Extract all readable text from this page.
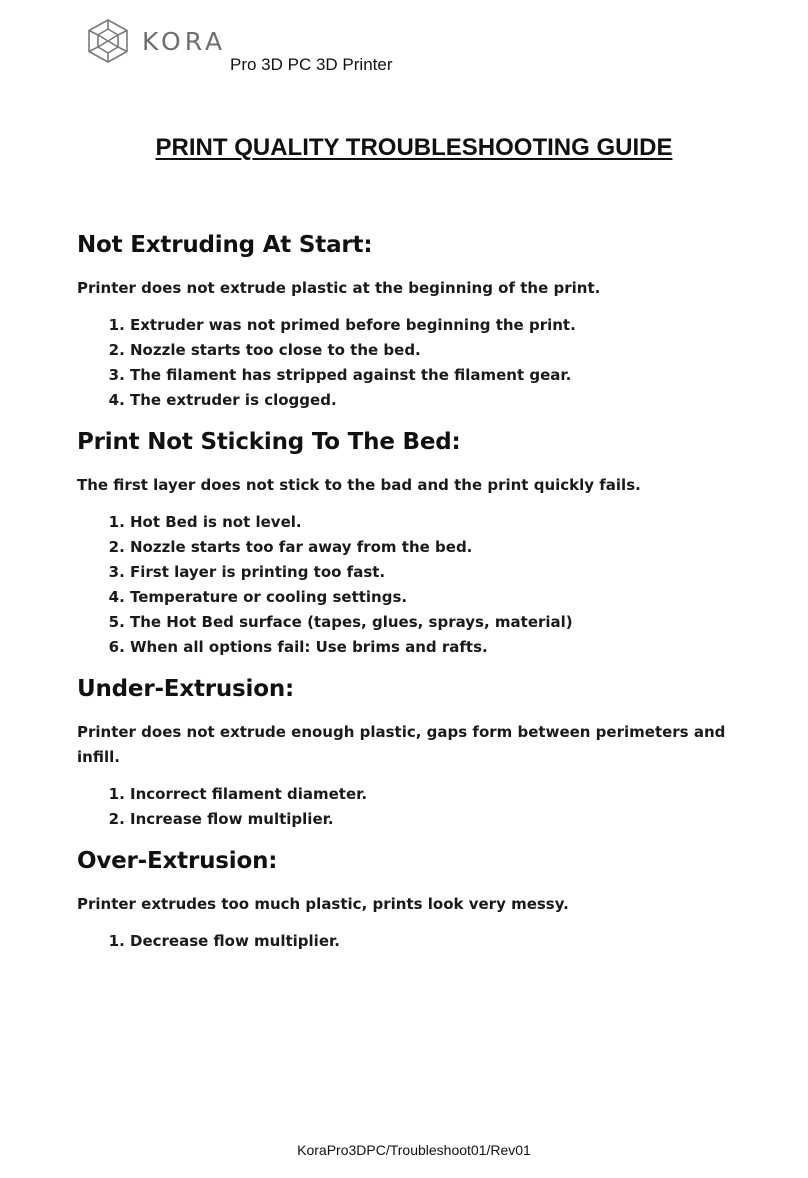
KORA
Pro 3D PC 3D Printer
PRINT QUALITY TROUBLESHOOTING GUIDE
Not Extruding At Start:

Printer does not extrude plastic at the beginning of the print.

1. Extruder was not primed before beginning the print.
2. Nozzle starts too close to the bed.
3. The filament has stripped against the filament gear.
4. The extruder is clogged.
Print Not Sticking To The Bed:

The first layer does not stick to the bad and the print quickly fails.

1. Hot Bed is not level.
2. Nozzle starts too far away from the bed.
3. First layer is printing too fast.
4. Temperature or cooling settings.
5. The Hot Bed surface (tapes, glues, sprays, material)
6. When all options fail: Use brims and rafts.
Under-Extrusion:

Printer does not extrude enough plastic, gaps form between perimeters and infill.

1. Incorrect filament diameter.
2. Increase flow multiplier.
Over-Extrusion:

Printer extrudes too much plastic, prints look very messy.

1. Decrease flow multiplier.
KoraPro3DPC/Troubleshoot01/Rev01
